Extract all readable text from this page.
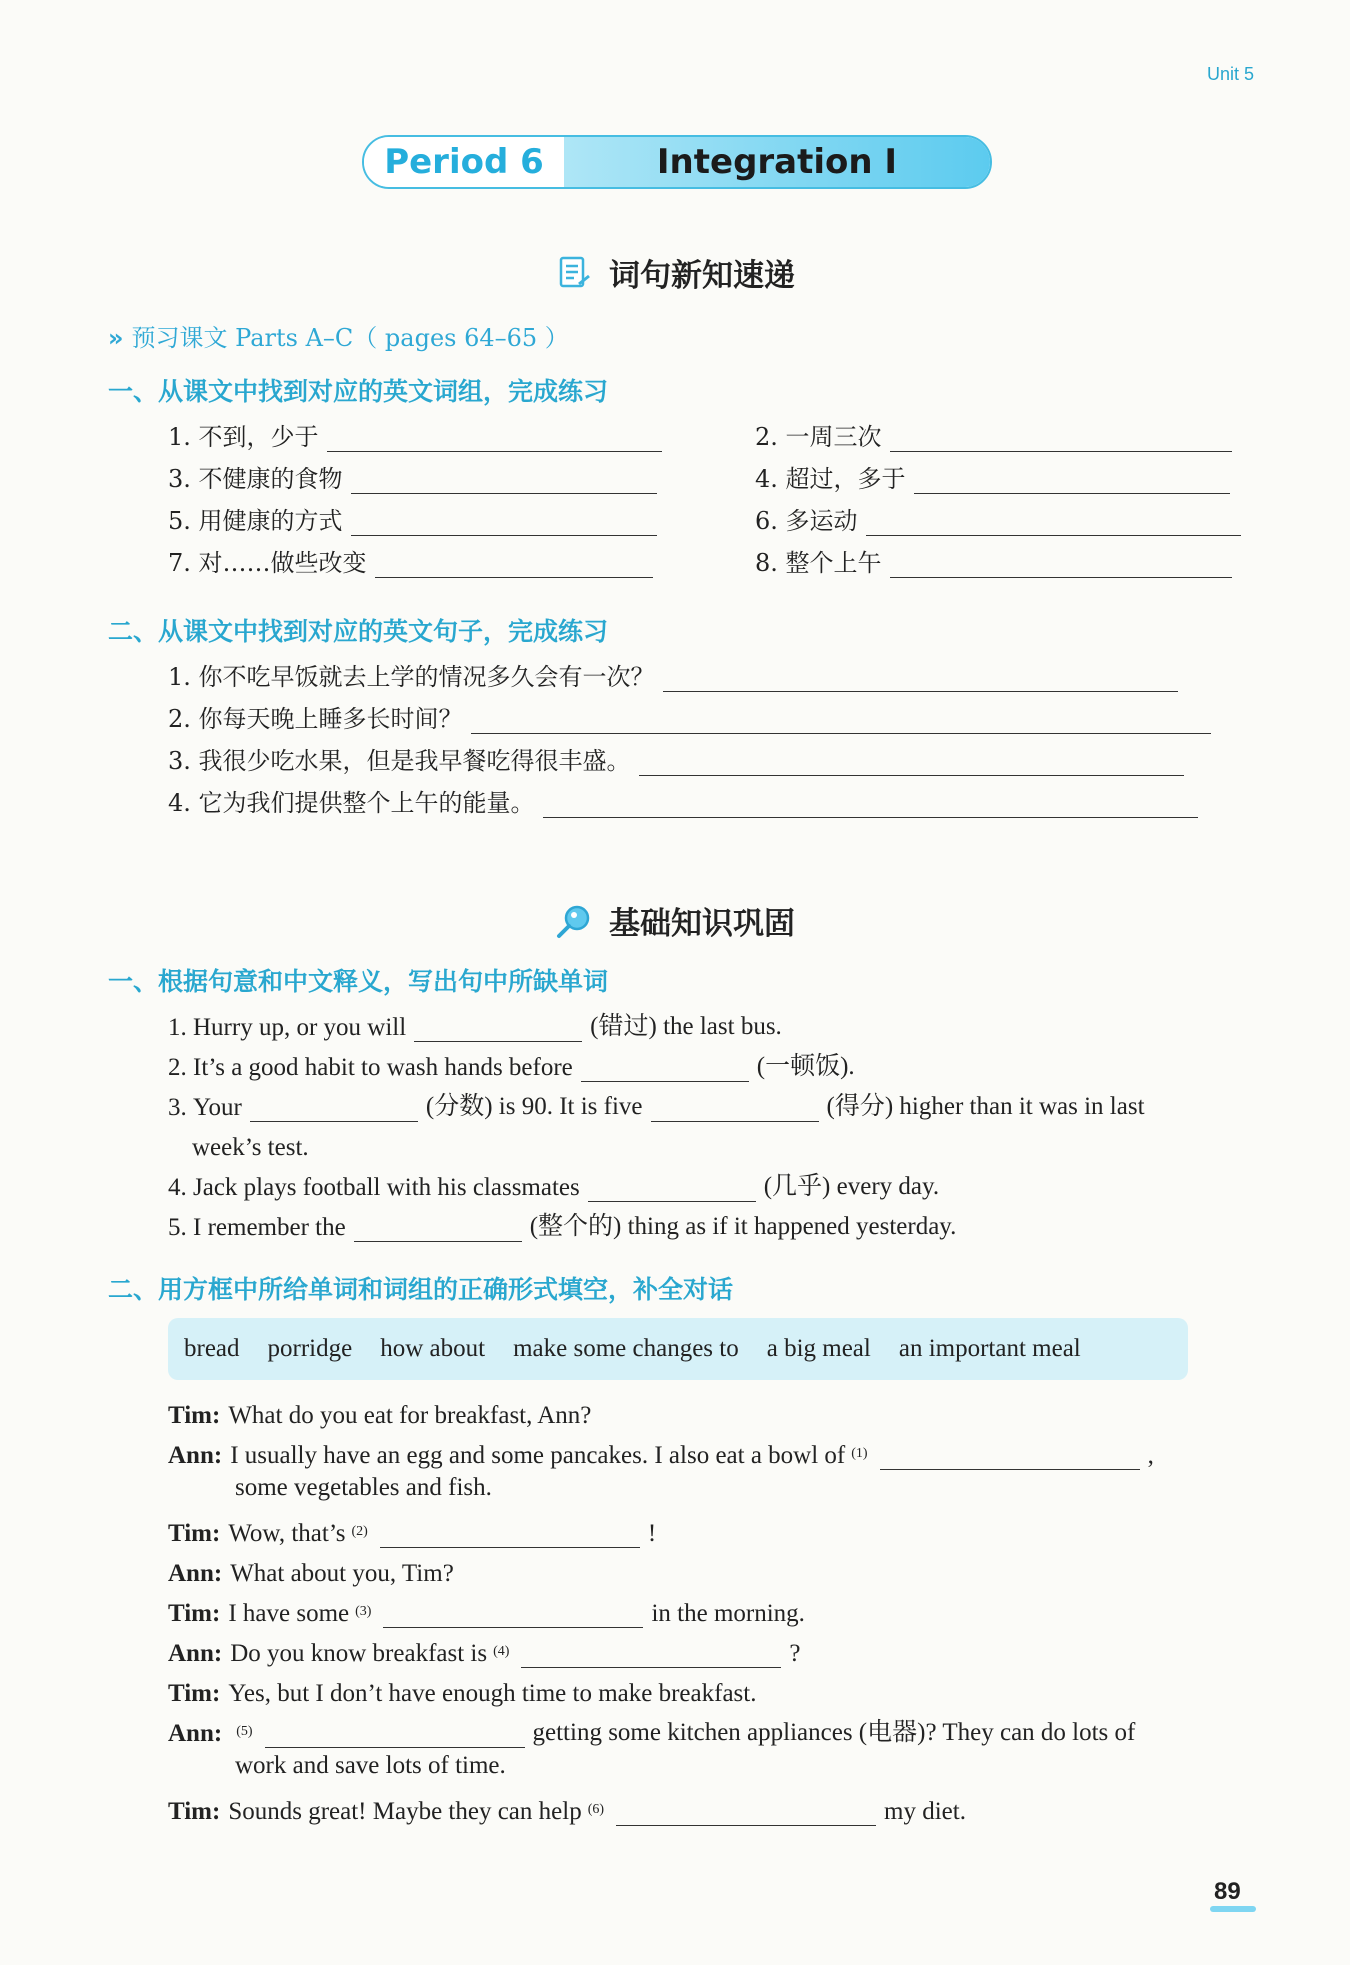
Unit 5
Period 6	Integration I
词句新知速递
» 预习课文 Parts A–C（ pages 64–65 ）
一、从课文中找到对应的英文词组，完成练习
1. 不到，少于	2. 一周三次
3. 不健康的食物	4. 超过，多于
5. 用健康的方式	6. 多运动
7. 对……做些改变	8. 整个上午
二、从课文中找到对应的英文句子，完成练习
1. 你不吃早饭就去上学的情况多久会有一次？
2. 你每天晚上睡多长时间？
3. 我很少吃水果，但是我早餐吃得很丰盛。
4. 它为我们提供整个上午的能量。
基础知识巩固
一、根据句意和中文释义，写出句中所缺单词
1.
Hurry up, or you will	(错过) the last bus.
2.
It’s a good habit to wash hands before	(一顿饭).
3.
Your	(分数) is 90. It is five	(得分) higher than it was in last
week’s test.
4.
Jack plays football with his classmates	(几乎) every day.
5.
I remember the	(整个的) thing as if it happened yesterday.
二、用方框中所给单词和词组的正确形式填空，补全对话
bread porridge how about make some changes to a big meal an important meal
Tim: What do you eat for breakfast, Ann?
Ann: I usually have an egg and some pancakes. I also eat a bowl of $^{(1)}$	,
some vegetables and fish.
Tim: Wow, that’s $^{(2)}$	!
Ann: What about you, Tim?
Tim: I have some $^{(3)}$	in the morning.
Ann: Do you know breakfast is $^{(4)}$	?
Tim: Yes, but I don’t have enough time to make breakfast.
Ann: $^{(5)}$	getting some kitchen appliances (电器)? They can do lots of
work and save lots of time.
Tim: Sounds great! Maybe they can help $^{(6)}$	my diet.
89
